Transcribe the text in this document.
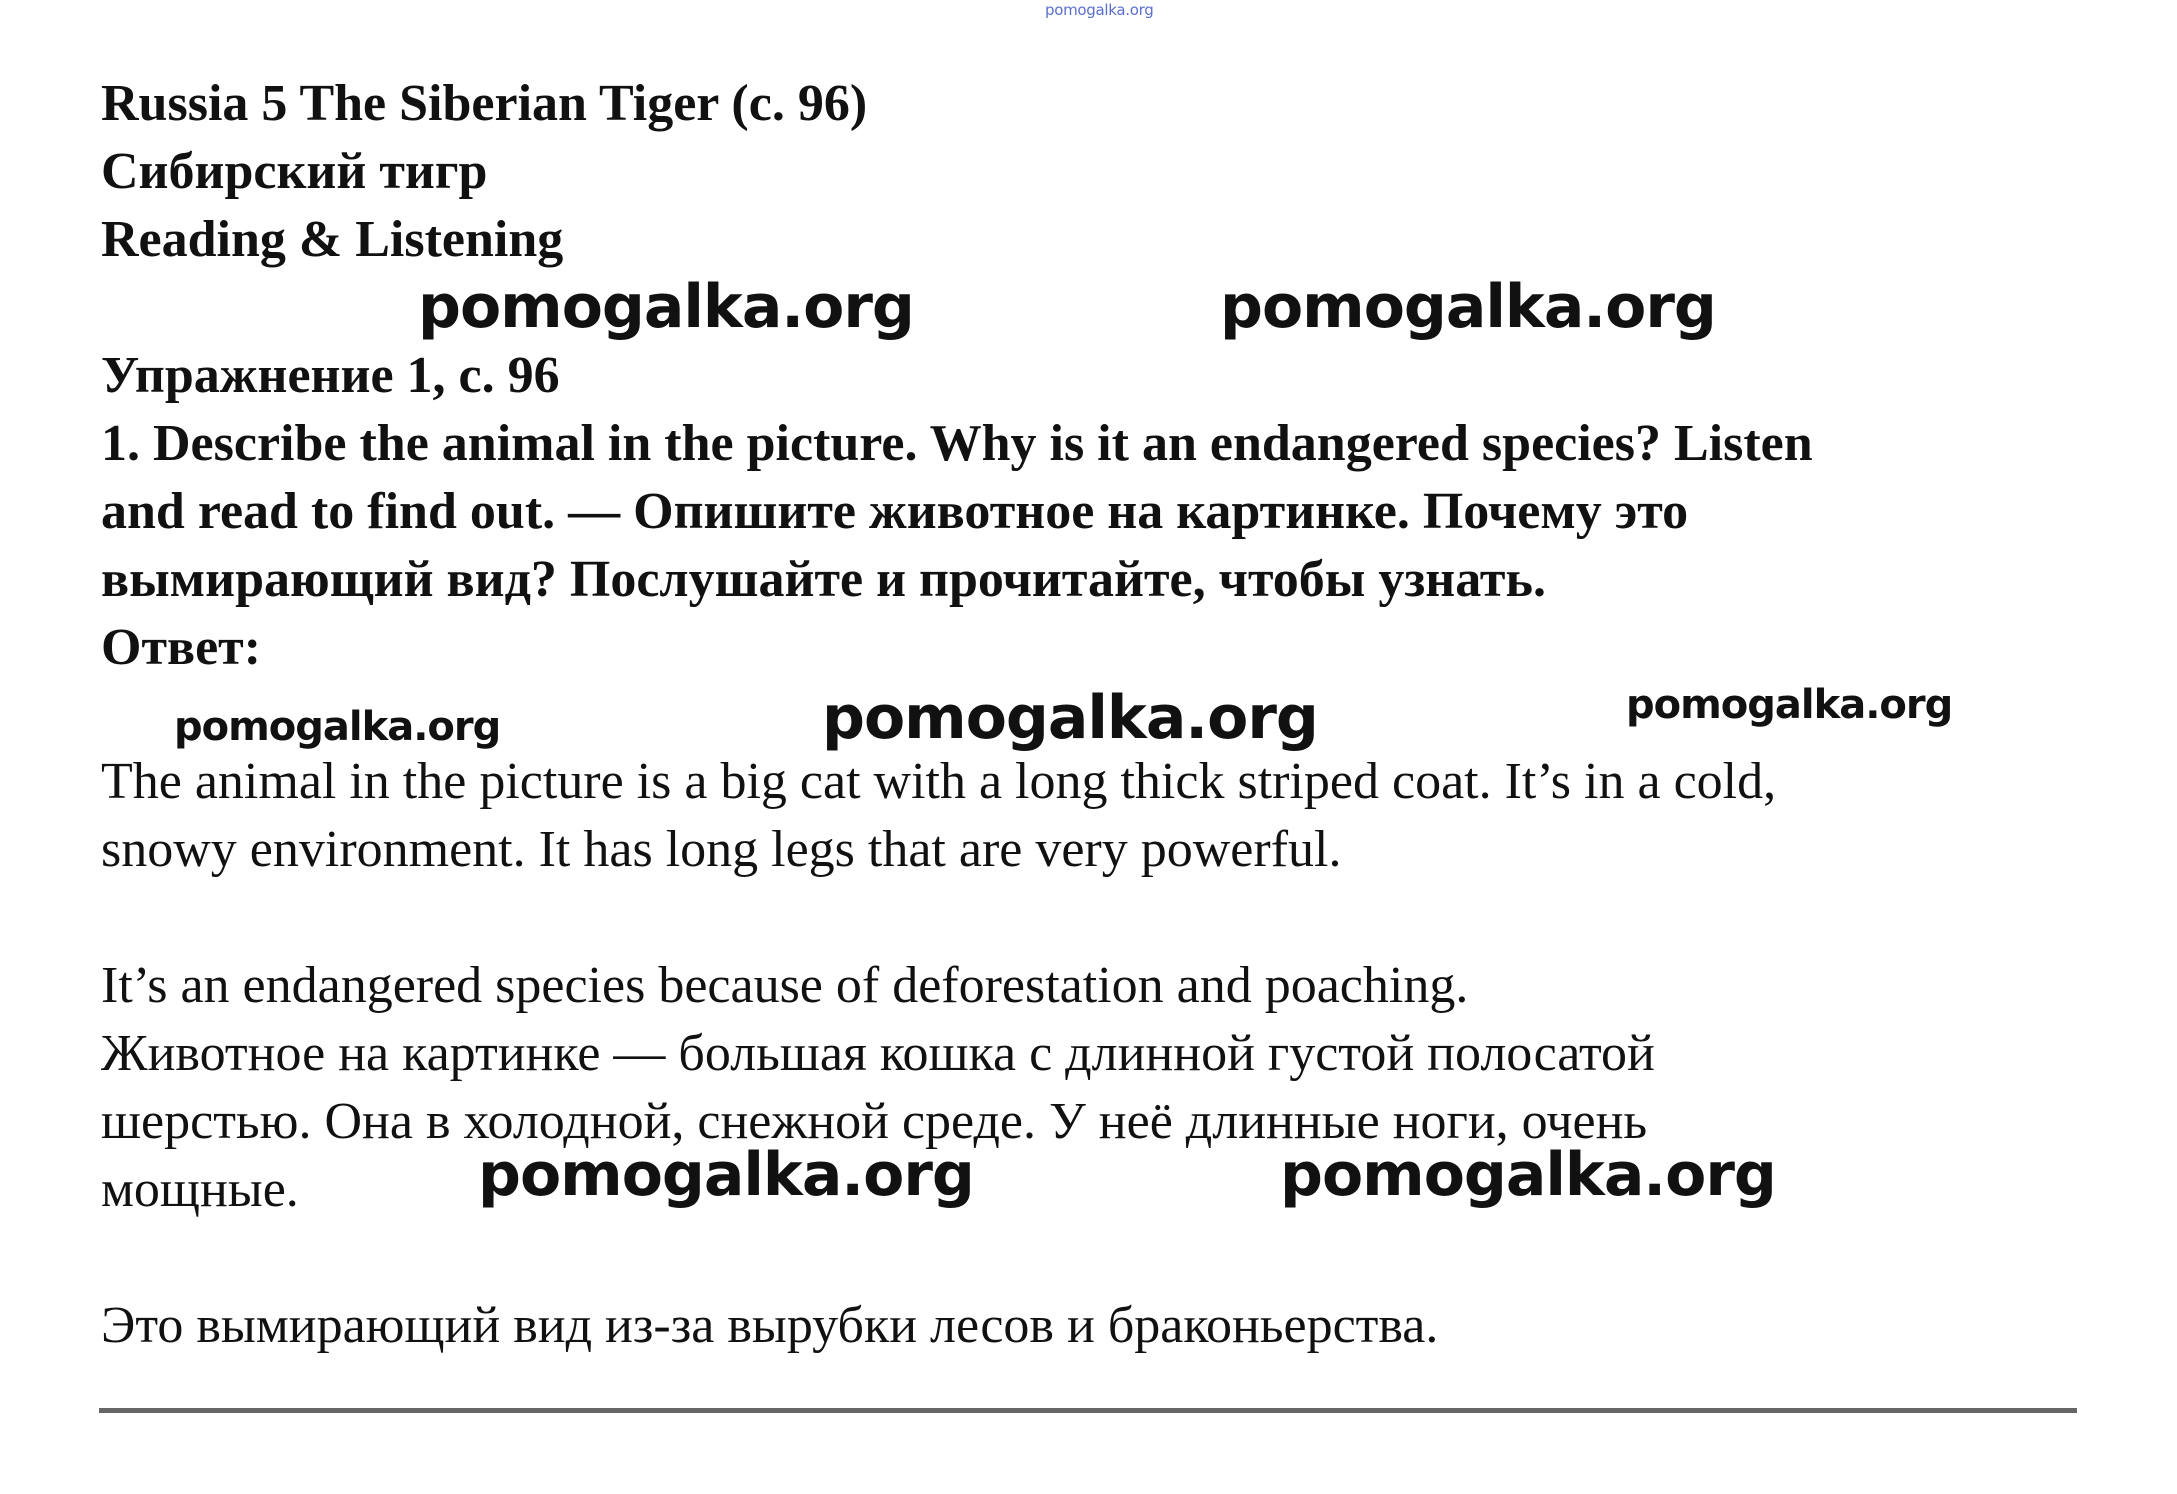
pomogalka.org

Russia 5 The Siberian Tiger (с. 96)

Сибирский тигр

Reading & Listening

pomogalka.org	pomogalka.org

Упражнение 1, с. 96

1. Describe the animal in the picture. Why is it an endangered species? Listen

and read to find out. — Опишите животное на картинке. Почему это

вымирающий вид? Послушайте и прочитайте, чтобы узнать.

Ответ:

pomogalka.org	pomogalka.org	pomogalka.org

The animal in the picture is a big cat with a long thick striped coat. It’s in a cold,

snowy environment. It has long legs that are very powerful.

It’s an endangered species because of deforestation and poaching.

Животное на картинке — большая кошка с длинной густой полосатой

шерстью. Она в холодной, снежной среде. У неё длинные ноги, очень

мощные.	pomogalka.org	pomogalka.org

Это вымирающий вид из-за вырубки лесов и браконьерства.
